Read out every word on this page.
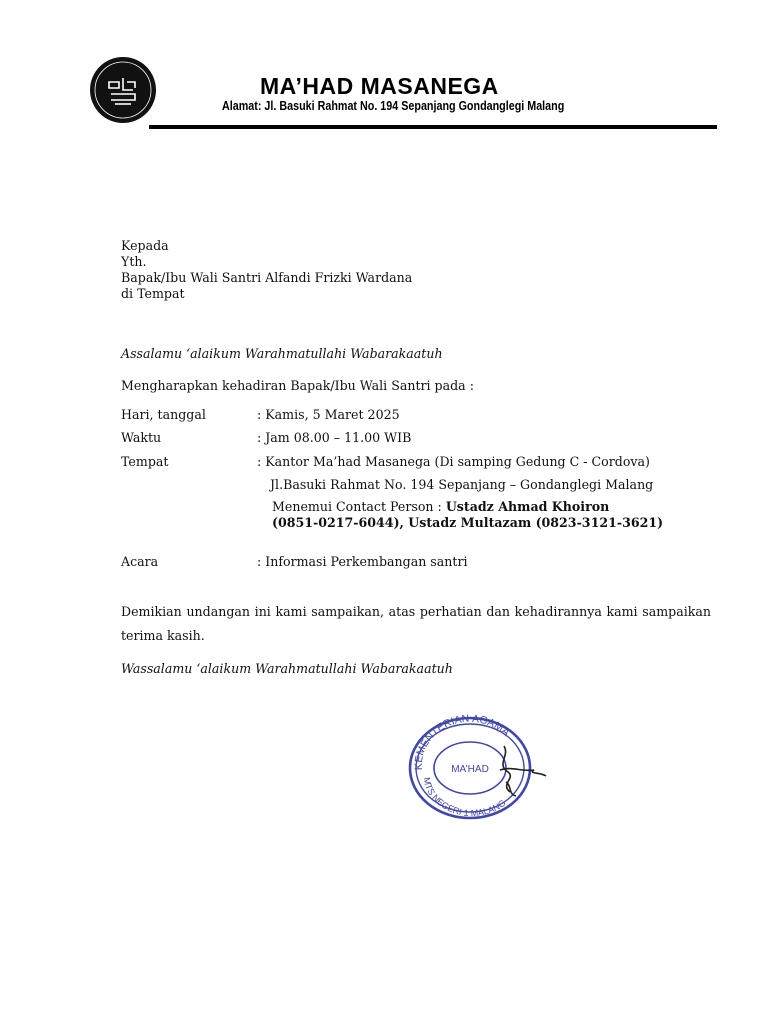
MA’HAD MASANEGA
Alamat: Jl. Basuki Rahmat No. 194 Sepanjang Gondanglegi Malang
Kepada
Yth.
Bapak/Ibu Wali Santri Alfandi Frizki Wardana
di Tempat
Assalamu ‘alaikum Warahmatullahi Wabarakaatuh
Mengharapkan kehadiran Bapak/Ibu Wali Santri pada :
Hari, tanggal	: Kamis, 5 Maret 2025
Waktu	: Jam 08.00 – 11.00 WIB
Tempat	: Kantor Ma’had Masanega (Di samping Gedung C - Cordova)
Jl.Basuki Rahmat No. 194 Sepanjang – Gondanglegi Malang
Menemui Contact Person : Ustadz Ahmad Khoiron
(0851-0217-6044), Ustadz Multazam (0823-3121-3621)
Acara	: Informasi Perkembangan santri
Demikian undangan ini kami sampaikan, atas perhatian dan kehadirannya kami sampaikan terima kasih.
Wassalamu ‘alaikum Warahmatullahi Wabarakaatuh
KEMENTERIAN AGAMA
MTS NEGERI 1 MALANG
MA’HAD
